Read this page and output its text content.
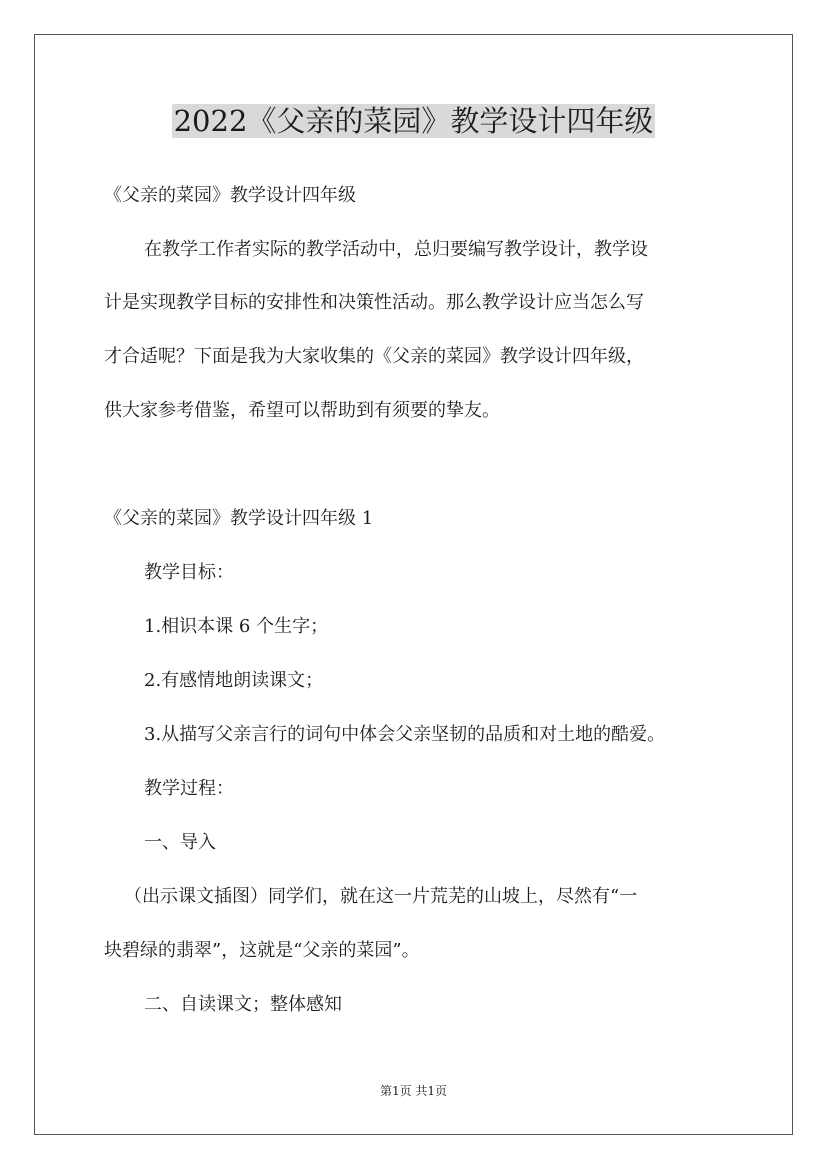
2022《父亲的菜园》教学设计四年级
《父亲的菜园》教学设计四年级
在教学工作者实际的教学活动中，总归要编写教学设计，教学设
计是实现教学目标的安排性和决策性活动。那么教学设计应当怎么写
才合适呢？下面是我为大家收集的《父亲的菜园》教学设计四年级，
供大家参考借鉴，希望可以帮助到有须要的挚友。
《父亲的菜园》教学设计四年级 1
教学目标：
1.相识本课 6 个生字；
2.有感情地朗读课文；
3.从描写父亲言行的词句中体会父亲坚韧的品质和对土地的酷爱。
教学过程：
一、导入
（出示课文插图）同学们，就在这一片荒芜的山坡上，尽然有“一
块碧绿的翡翠”，这就是“父亲的菜园”。
二、自读课文；整体感知
第1页 共1页
